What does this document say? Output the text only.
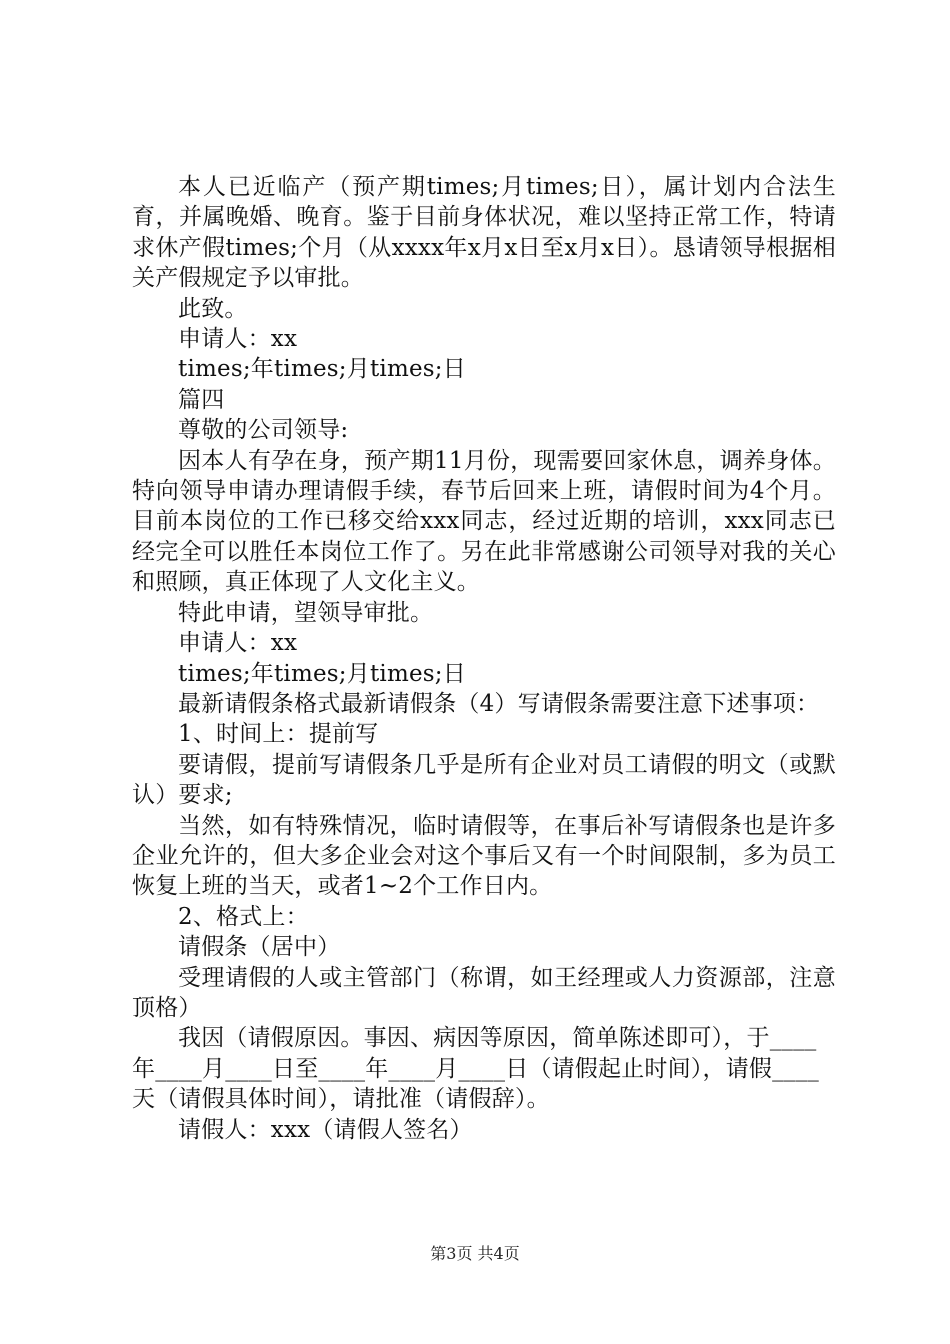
本人已近临产（预产期times;月times;日），属计划内合法生育，并属晚婚、晚育。鉴于目前身体状况，难以坚持正常工作，特请求休产假times;个月（从xxxx年x月x日至x月x日）。恳请领导根据相关产假规定予以审批。

此致。

申请人：xx

times;年times;月times;日

篇四

尊敬的公司领导:

因本人有孕在身，预产期11月份，现需要回家休息，调养身体。特向领导申请办理请假手续，春节后回来上班，请假时间为4个月。目前本岗位的工作已移交给xxx同志，经过近期的培训，xxx同志已经完全可以胜任本岗位工作了。另在此非常感谢公司领导对我的关心和照顾，真正体现了人文化主义。

特此申请，望领导审批。

申请人：xx

times;年times;月times;日

最新请假条格式最新请假条（4）写请假条需要注意下述事项：

1、时间上：提前写

要请假，提前写请假条几乎是所有企业对员工请假的明文（或默认）要求;

当然，如有特殊情况，临时请假等，在事后补写请假条也是许多企业允许的，但大多企业会对这个事后又有一个时间限制，多为员工恢复上班的当天，或者1~2个工作日内。

2、格式上：

请假条（居中）

受理请假的人或主管部门（称谓，如王经理或人力资源部，注意顶格）

我因（请假原因。事因、病因等原因，简单陈述即可），于____年____月____日至____年____月____日（请假起止时间），请假____天（请假具体时间），请批准（请假辞）。

请假人：xxx（请假人签名）

第3页 共4页
